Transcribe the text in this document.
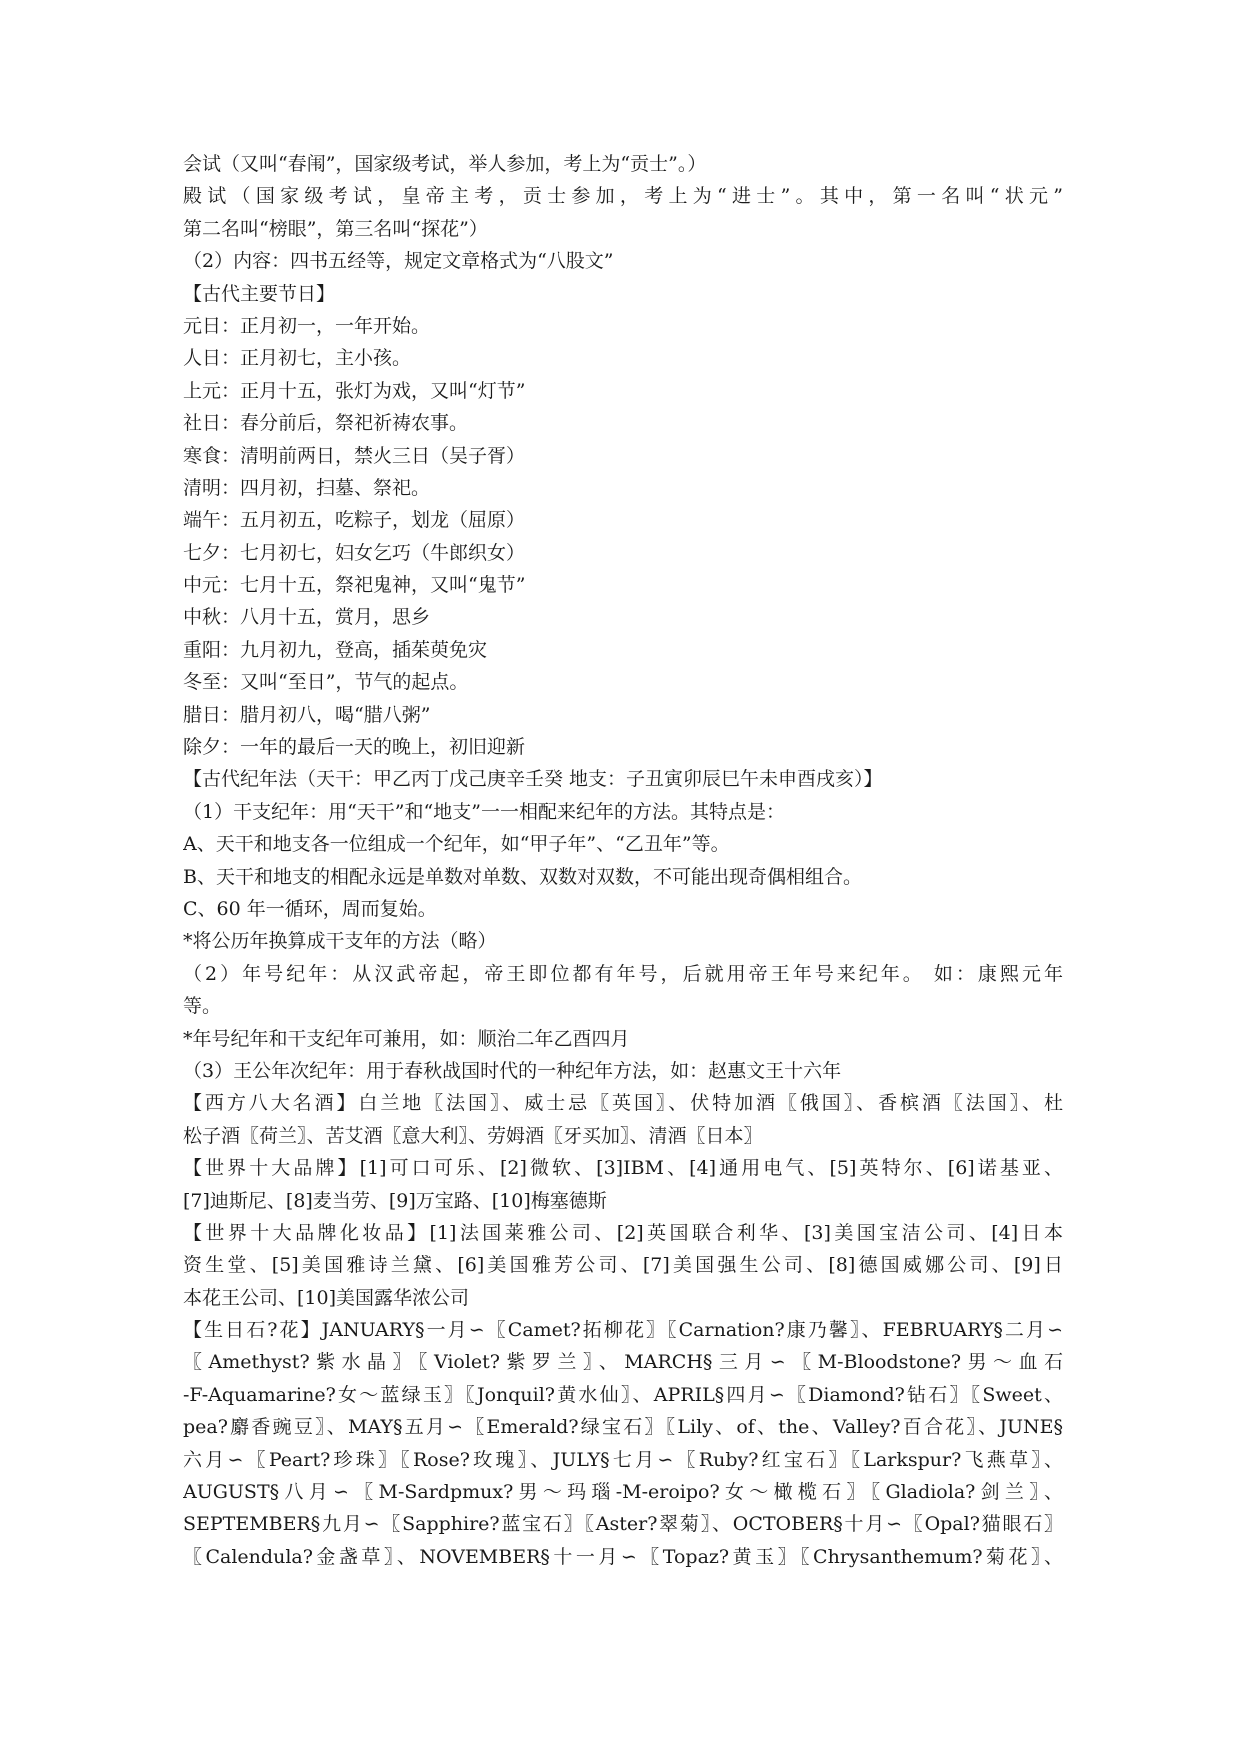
会试（又叫“春闱”，国家级考试，举人参加，考上为“贡士”。）
殿试（国家级考试，皇帝主考，贡士参加，考上为“进士”。其中，第一名叫“状元”
第二名叫“榜眼”，第三名叫“探花”）
（2）内容：四书五经等，规定文章格式为“八股文”
【古代主要节日】
元日：正月初一，一年开始。
人日：正月初七，主小孩。
上元：正月十五，张灯为戏，又叫“灯节”
社日：春分前后，祭祀祈祷农事。
寒食：清明前两日，禁火三日（吴子胥）
清明：四月初，扫墓、祭祀。
端午：五月初五，吃粽子，划龙（屈原）
七夕：七月初七，妇女乞巧（牛郎织女）
中元：七月十五，祭祀鬼神，又叫“鬼节”
中秋：八月十五，赏月，思乡
重阳：九月初九，登高，插茱萸免灾
冬至：又叫“至日”，节气的起点。
腊日：腊月初八，喝“腊八粥”
除夕：一年的最后一天的晚上，初旧迎新
【古代纪年法（天干：甲乙丙丁戊己庚辛壬癸 地支：子丑寅卯辰巳午未申酉戌亥）】
（1）干支纪年：用“天干”和“地支”一一相配来纪年的方法。其特点是：
A、天干和地支各一位组成一个纪年，如“甲子年”、“乙丑年”等。
B、天干和地支的相配永远是单数对单数、双数对双数，不可能出现奇偶相组合。
C、60 年一循环，周而复始。
*将公历年换算成干支年的方法（略）
（2）年号纪年：从汉武帝起，帝王即位都有年号，后就用帝王年号来纪年。 如：康熙元年
等。
*年号纪年和干支纪年可兼用，如：顺治二年乙酉四月
（3）王公年次纪年：用于春秋战国时代的一种纪年方法，如：赵惠文王十六年
【西方八大名酒】白兰地〖法国〗、威士忌〖英国〗、伏特加酒〖俄国〗、香槟酒〖法国〗、杜
松子酒〖荷兰〗、苦艾酒〖意大利〗、劳姆酒〖牙买加〗、清酒〖日本〗
【世界十大品牌】[1]可口可乐、[2]微软、[3]IBM、[4]通用电气、[5]英特尔、[6]诺基亚、
[7]迪斯尼、[8]麦当劳、[9]万宝路、[10]梅塞德斯
【世界十大品牌化妆品】[1]法国莱雅公司、[2]英国联合利华、[3]美国宝洁公司、[4]日本
资生堂、[5]美国雅诗兰黛、[6]美国雅芳公司、[7]美国强生公司、[8]德国威娜公司、[9]日
本花王公司、[10]美国露华浓公司
【生日石?花】JANUARY§一月∽〖Camet?拓柳花〗〖Carnation?康乃馨〗、FEBRUARY§二月∽
〖Amethyst?紫水晶〗〖Violet?紫罗兰〗、MARCH§三月∽〖M-Bloodstone?男～血石
-F-Aquamarine?女～蓝绿玉〗〖Jonquil?黄水仙〗、APRIL§四月∽〖Diamond?钻石〗〖Sweet、
pea?麝香豌豆〗、MAY§五月∽〖Emerald?绿宝石〗〖Lily、of、the、Valley?百合花〗、JUNE§
六月∽〖Peart?珍珠〗〖Rose?玫瑰〗、JULY§七月∽〖Ruby?红宝石〗〖Larkspur?飞燕草〗、
AUGUST§八月∽〖M-Sardpmux?男～玛瑙-M-eroipo?女～橄榄石〗〖Gladiola?剑兰〗、
SEPTEMBER§九月∽〖Sapphire?蓝宝石〗〖Aster?翠菊〗、OCTOBER§十月∽〖Opal?猫眼石〗
〖Calendula?金盏草〗、NOVEMBER§十一月∽〖Topaz?黄玉〗〖Chrysanthemum?菊花〗、
